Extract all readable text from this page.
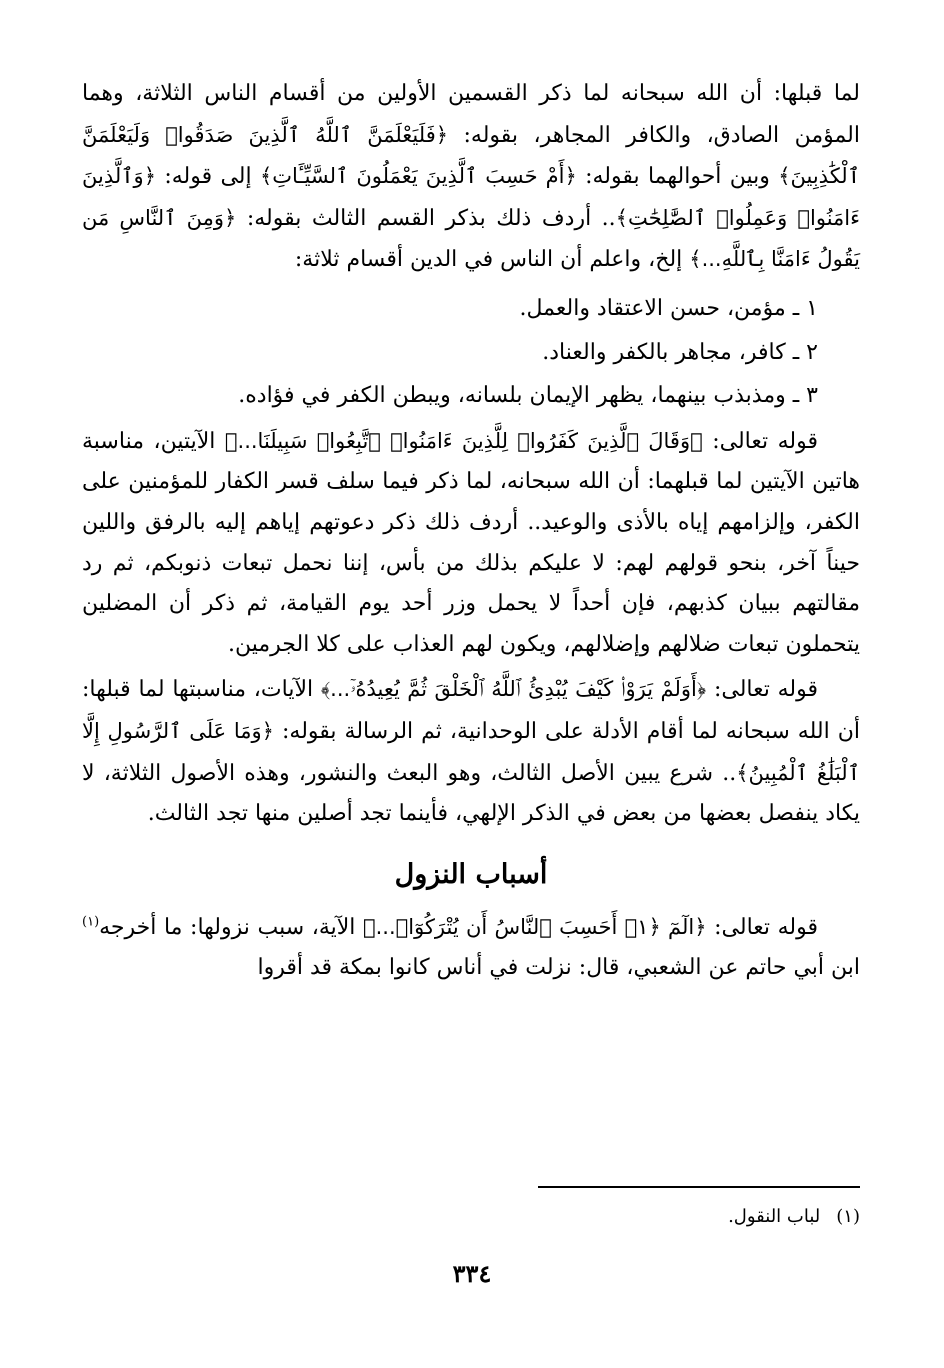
لما قبلها: أن الله سبحانه لما ذكر القسمين الأولين من أقسام الناس الثلاثة، وهما المؤمن الصادق، والكافر المجاهر، بقوله: ﴿فَلَيَعْلَمَنَّ ٱللَّهُ ٱلَّذِينَ صَدَقُوا۟ وَلَيَعْلَمَنَّ ٱلْكَٰذِبِينَ﴾ وبين أحوالهما بقوله: ﴿أَمْ حَسِبَ ٱلَّذِينَ يَعْمَلُونَ ٱلسَّيِّـَٔاتِ﴾ إلى قوله: ﴿وَٱلَّذِينَ ءَامَنُوا۟ وَعَمِلُوا۟ ٱلصَّٰلِحَٰتِ﴾.. أردف ذلك بذكر القسم الثالث بقوله: ﴿وَمِنَ ٱلنَّاسِ مَن يَقُولُ ءَامَنَّا بِٱللَّهِ...﴾ إلخ، واعلم أن الناس في الدين أقسام ثلاثة:

١ ـ مؤمن، حسن الاعتقاد والعمل.

٢ ـ كافر، مجاهر بالكفر والعناد.

٣ ـ ومذبذب بينهما، يظهر الإيمان بلسانه، ويبطن الكفر في فؤاده.

قوله تعالى: ﴿وَقَالَ ٱلَّذِينَ كَفَرُوا۟ لِلَّذِينَ ءَامَنُوا۟ ٱتَّبِعُوا۟ سَبِيلَنَا...﴾ الآيتين، مناسبة هاتين الآيتين لما قبلهما: أن الله سبحانه، لما ذكر فيما سلف قسر الكفار للمؤمنين على الكفر، وإلزامهم إياه بالأذى والوعيد.. أردف ذلك ذكر دعوتهم إياهم إليه بالرفق واللين حيناً آخر، بنحو قولهم لهم: لا عليكم بذلك من بأس، إننا نحمل تبعات ذنوبكم، ثم رد مقالتهم ببيان كذبهم، فإن أحداً لا يحمل وزر أحد يوم القيامة، ثم ذكر أن المضلين يتحملون تبعات ضلالهم وإضلالهم، ويكون لهم العذاب على كلا الجرمين.

قوله تعالى: ﴿أَوَلَمْ يَرَوْا۟ كَيْفَ يُبْدِئُ ٱللَّهُ ٱلْخَلْقَ ثُمَّ يُعِيدُهُۥٓ...﴾ الآيات، مناسبتها لما قبلها: أن الله سبحانه لما أقام الأدلة على الوحدانية، ثم الرسالة بقوله: ﴿وَمَا عَلَى ٱلرَّسُولِ إِلَّا ٱلْبَلَٰغُ ٱلْمُبِينُ﴾.. شرع يبين الأصل الثالث، وهو البعث والنشور، وهذه الأصول الثلاثة، لا يكاد ينفصل بعضها من بعض في الذكر الإلهي، فأينما تجد أصلين منها تجد الثالث.

أسباب النزول

قوله تعالى: ﴿الٓمٓ ﴿١﴾ أَحَسِبَ ٱلنَّاسُ أَن يُتْرَكُوٓا۟...﴾ الآية، سبب نزولها: ما أخرجه$^{(١)}$ ابن أبي حاتم عن الشعبي، قال: نزلت في أناس كانوا بمكة قد أقروا

(١)لباب النقول.
٣٣٤
